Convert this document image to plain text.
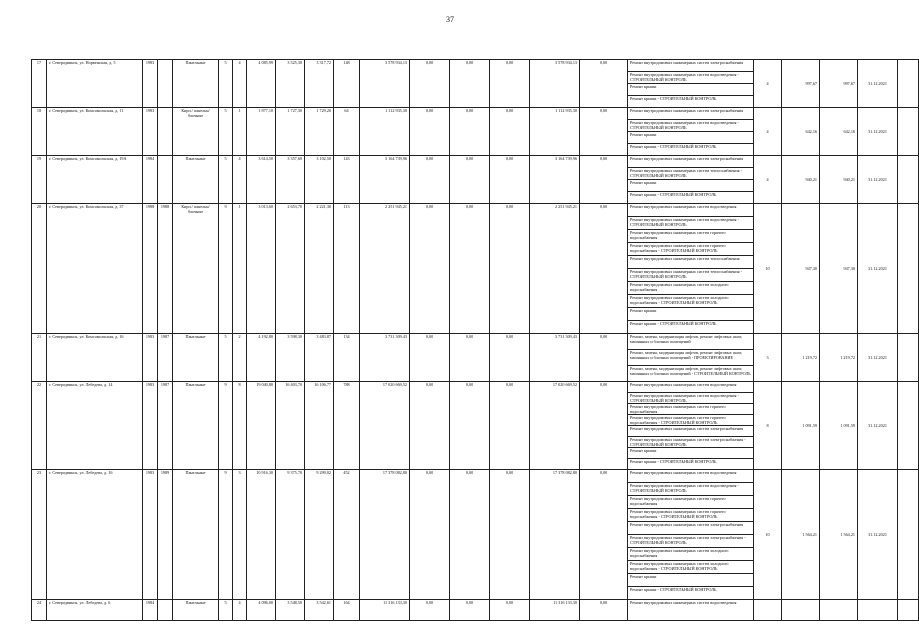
37
17	г. Северодвинск, ул. Норвежская, д. 5	1983		Панельные	5	4	4 085,99	3 525,30	3 317,72	148	3 578 934,13	0,00	0,00	0,00	3 578 934,13	0,00	Ремонт внутридомовых инженерных систем электроснабжения	4	997,67	997,67	31.12.2021	
																	Ремонт внутридомовых инженерных систем водоотведения - СТРОИТЕЛЬНЫЙ КОНТРОЛЬ					
																	Ремонт крыши					
																	Ремонт крыши - СТРОИТЕЛЬНЫЙ КОНТРОЛЬ					
18	г. Северодвинск, ул. Комсомольская, д. 11	1983		Кирп./ панельн/блочные	5	1	1 877,10	1 727,30	1 729,20	64	1 112 935,30	0,00	0,00	0,00	1 112 935,30	0,00	Ремонт внутридомовых инженерных систем электроснабжения	4	642,16	642,16	31.12.2021	
																	Ремонт внутридомовых инженерных систем водоотведения - СТРОИТЕЛЬНЫЙ КОНТРОЛЬ					
																	Ремонт крыши					
																	Ремонт крыши - СТРОИТЕЛЬНЫЙ КОНТРОЛЬ					
19	г. Северодвинск, ул. Комсомольская, д. 19А	1984		Панельные	5	4	3 614,50	3 357,60	3 102,50	143	3 164 739,96	0,00	0,00	0,00	3 164 739,96	0,00	Ремонт внутридомовых инженерных систем электроснабжения	4	940,21	940,21	31.12.2021	
																	Ремонт внутридомовых инженерных систем теплоснабжения - СТРОИТЕЛЬНЫЙ КОНТРОЛЬ					
																	Ремонт крыши					
																	Ремонт крыши - СТРОИТЕЛЬНЫЙ КОНТРОЛЬ					
20	г. Северодвинск, ул. Комсомольская, д. 37	1988	1988	Кирп./ панельн/блочные	9	1	3 013,60	2 653,70	2 221,30	113	2 251 945,21	0,00	0,00	0,00	2 251 945,21	0,00	Ремонт внутридомовых инженерных систем водоотведения	10	947,30	947,30	31.12.2021	
																	Ремонт внутридомовых инженерных систем водоотведения - СТРОИТЕЛЬНЫЙ КОНТРОЛЬ					
																	Ремонт внутридомовых инженерных систем горячего водоснабжения					
																	Ремонт внутридомовых инженерных систем горячего водоснабжения - СТРОИТЕЛЬНЫЙ КОНТРОЛЬ					
																	Ремонт внутридомовых инженерных систем теплоснабжения					
																	Ремонт внутридомовых инженерных систем теплоснабжения - СТРОИТЕЛЬНЫЙ КОНТРОЛЬ					
																	Ремонт внутридомовых инженерных систем холодного водоснабжения					
																	Ремонт внутридомовых инженерных систем холодного водоснабжения - СТРОИТЕЛЬНЫЙ КОНТРОЛЬ					
																	Ремонт крыши					
																	Ремонт крыши - СТРОИТЕЛЬНЫЙ КОНТРОЛЬ					
21	г. Северодвинск, ул. Комсомольская, д. 16	1983	1987	Панельные	5	2	4 192,80	3 598,30	3 483,87	134	3 731 309,43	0,00	0,00	0,00	3 731 309,43	0,00	Ремонт, замена, модернизация лифтов, ремонт лифтовых шахт, машинных и блочных помещений	3	1 219,72	1 219,72	31.12.2021	
																	Ремонт, замена, модернизация лифтов, ремонт лифтовых шахт, машинных и блочных помещений - ПРОЕКТИРОВАНИЕ					
																	Ремонт, замена, модернизация лифтов, ремонт лифтовых шахт, машинных и блочных помещений - СТРОИТЕЛЬНЫЙ КОНТРОЛЬ					
22	г. Северодвинск, ул. Лебедева, д. 14	1983	1987	Панельные	9	8	19 040,80	16 403,70	16 106,77	788	17 020 669,52	0,00	0,00	0,00	17 020 669,52	0,00	Ремонт внутридомовых инженерных систем водоотведения	8	1 091,59	1 091,59	31.12.2021	
																	Ремонт внутридомовых инженерных систем водоотведения - СТРОИТЕЛЬНЫЙ КОНТРОЛЬ					
																	Ремонт внутридомовых инженерных систем горячего водоснабжения					
																	Ремонт внутридомовых инженерных систем горячего водоснабжения - СТРОИТЕЛЬНЫЙ КОНТРОЛЬ					
																	Ремонт внутридомовых инженерных систем электроснабжения					
																	Ремонт внутридомовых инженерных систем электроснабжения - СТРОИТЕЛЬНЫЙ КОНТРОЛЬ					
																	Ремонт крыши					
																	Ремонт крыши - СТРОИТЕЛЬНЫЙ КОНТРОЛЬ					
23	г. Северодвинск, ул. Лебедева, д. 16	1983	1989	Панельные	9	3	10 916,30	9 375,70	9 299,02	452	17 378 082,80	0,00	0,00	0,00	17 378 082,80	0,00	Ремонт внутридомовых инженерных систем водоотведения	10	1 564,21	1 564,21	31.12.2021	
																	Ремонт внутридомовых инженерных систем водоотведения - СТРОИТЕЛЬНЫЙ КОНТРОЛЬ					
																	Ремонт внутридомовых инженерных систем горячего водоснабжения					
																	Ремонт внутридомовых инженерных систем горячего водоснабжения - СТРОИТЕЛЬНЫЙ КОНТРОЛЬ					
																	Ремонт внутридомовых инженерных систем электроснабжения					
																	Ремонт внутридомовых инженерных систем электроснабжения - СТРОИТЕЛЬНЫЙ КОНТРОЛЬ					
																	Ремонт внутридомовых инженерных систем холодного водоснабжения					
																	Ремонт внутридомовых инженерных систем холодного водоснабжения - СТРОИТЕЛЬНЫЙ КОНТРОЛЬ					
																	Ремонт крыши					
																	Ремонт крыши - СТРОИТЕЛЬНЫЙ КОНТРОЛЬ					
24	г. Северодвинск, ул. Лебедева, д. 6	1984		Панельные	5	4	4 096,00	3 548,50	3 542,61	164	11 316 133,30	0,00	0,00	0,00	11 316 133,30	0,00	Ремонт внутридомовых инженерных систем водоотведения					
